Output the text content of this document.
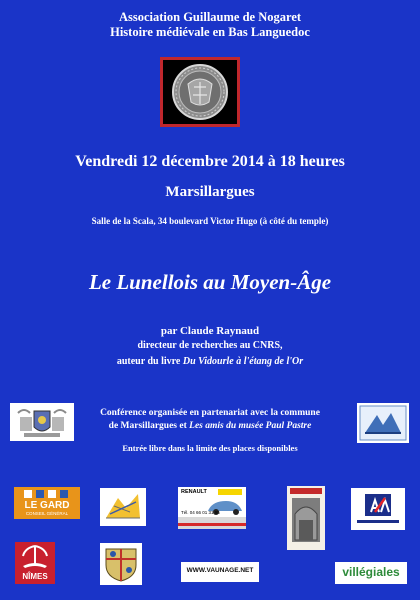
Association Guillaume de Nogaret
Histoire médiévale en Bas Languedoc
Vendredi 12 décembre 2014 à 18 heures
Marsillargues
Salle de la Scala, 34 boulevard Victor Hugo (à côté du temple)
Le Lunellois au Moyen-Âge
par Claude Raynaud
directeur de recherches au CNRS,
auteur du livre Du Vidourle à l'étang de l'Or
Conférence organisée en partenariat avec la commune
de Marsillargues et Les amis du musée Paul Pastre
Entrée libre dans la limite des places disponibles
LE GARD
CONSEIL GÉNÉRAL
RENAULT
Tél. 04 66 01 31 95
NÎMES
WWW.VAUNAGE.NET	villégiales
